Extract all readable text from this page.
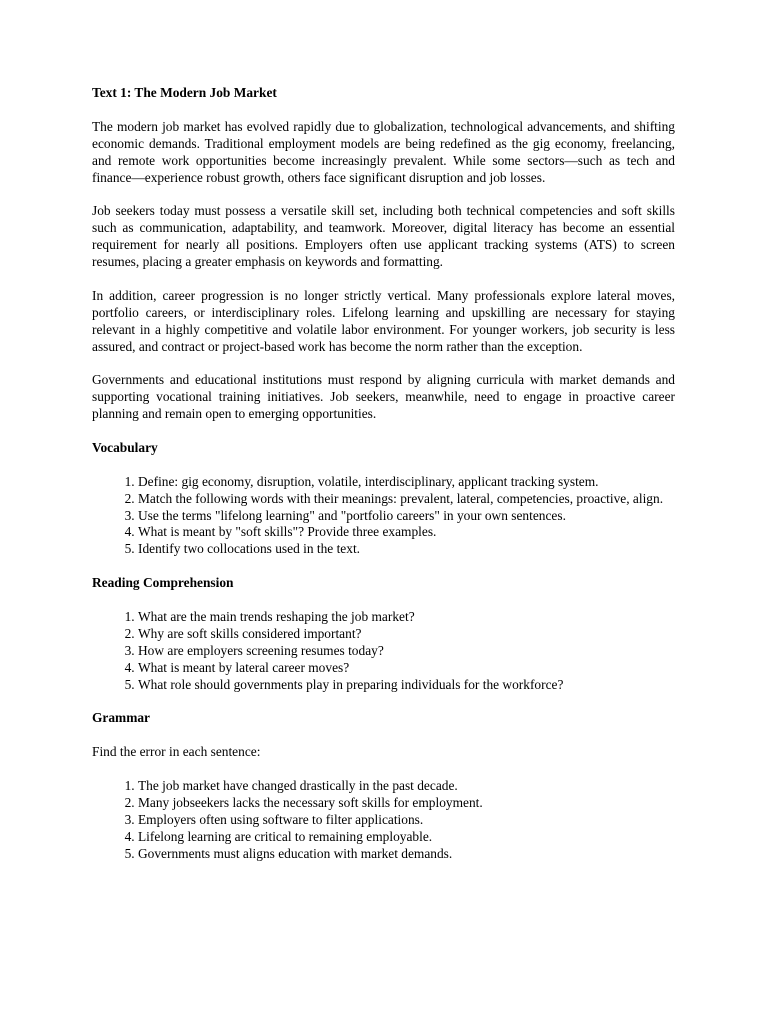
Text 1: The Modern Job Market

The modern job market has evolved rapidly due to globalization, technological advancements, and shifting economic demands. Traditional employment models are being redefined as the gig economy, freelancing, and remote work opportunities become increasingly prevalent. While some sectors—such as tech and finance—experience robust growth, others face significant disruption and job losses.

Job seekers today must possess a versatile skill set, including both technical competencies and soft skills such as communication, adaptability, and teamwork. Moreover, digital literacy has become an essential requirement for nearly all positions. Employers often use applicant tracking systems (ATS) to screen resumes, placing a greater emphasis on keywords and formatting.

In addition, career progression is no longer strictly vertical. Many professionals explore lateral moves, portfolio careers, or interdisciplinary roles. Lifelong learning and upskilling are necessary for staying relevant in a highly competitive and volatile labor environment. For younger workers, job security is less assured, and contract or project-based work has become the norm rather than the exception.

Governments and educational institutions must respond by aligning curricula with market demands and supporting vocational training initiatives. Job seekers, meanwhile, need to engage in proactive career planning and remain open to emerging opportunities.

Vocabulary
1. Define: gig economy, disruption, volatile, interdisciplinary, applicant tracking system.
2. Match the following words with their meanings: prevalent, lateral, competencies, proactive, align.
3. Use the terms "lifelong learning" and "portfolio careers" in your own sentences.
4. What is meant by "soft skills"? Provide three examples.
5. Identify two collocations used in the text.
Reading Comprehension
1. What are the main trends reshaping the job market?
2. Why are soft skills considered important?
3. How are employers screening resumes today?
4. What is meant by lateral career moves?
5. What role should governments play in preparing individuals for the workforce?
Grammar

Find the error in each sentence:

1. The job market have changed drastically in the past decade.
2. Many jobseekers lacks the necessary soft skills for employment.
3. Employers often using software to filter applications.
4. Lifelong learning are critical to remaining employable.
5. Governments must aligns education with market demands.
